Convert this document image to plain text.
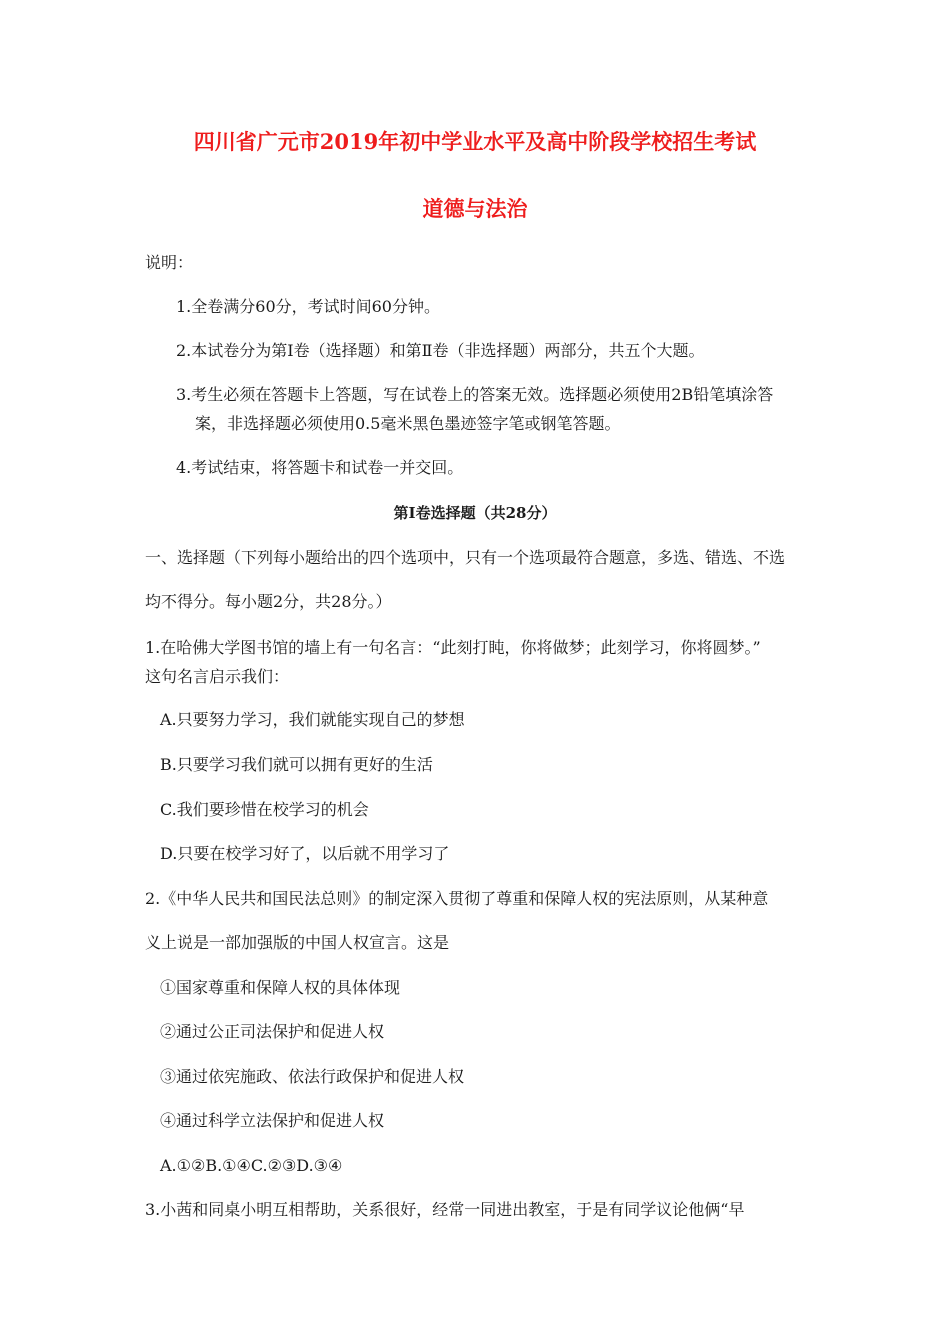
四川省广元市2019年初中学业水平及高中阶段学校招生考试
道德与法治
说明：
1.全卷满分60分，考试时间60分钟。
2.本试卷分为第Ⅰ卷（选择题）和第Ⅱ卷（非选择题）两部分，共五个大题。
3.考生必须在答题卡上答题，写在试卷上的答案无效。选择题必须使用2B铅笔填涂答
案，非选择题必须使用0.5毫米黑色墨迹签字笔或钢笔答题。
4.考试结束，将答题卡和试卷一并交回。
第Ⅰ卷选择题（共28分）
一、选择题（下列每小题给出的四个选项中，只有一个选项最符合题意，多选、错选、不选
均不得分。每小题2分，共28分。）
1.在哈佛大学图书馆的墙上有一句名言：“此刻打盹，你将做梦；此刻学习，你将圆梦。”
这句名言启示我们：
A.只要努力学习，我们就能实现自己的梦想
B.只要学习我们就可以拥有更好的生活
C.我们要珍惜在校学习的机会
D.只要在校学习好了，以后就不用学习了
2.《中华人民共和国民法总则》的制定深入贯彻了尊重和保障人权的宪法原则，从某种意
义上说是一部加强版的中国人权宣言。这是
①国家尊重和保障人权的具体体现
②通过公正司法保护和促进人权
③通过依宪施政、依法行政保护和促进人权
④通过科学立法保护和促进人权
A.①②B.①④C.②③D.③④
3.小茜和同桌小明互相帮助，关系很好，经常一同进出教室，于是有同学议论他俩“早
